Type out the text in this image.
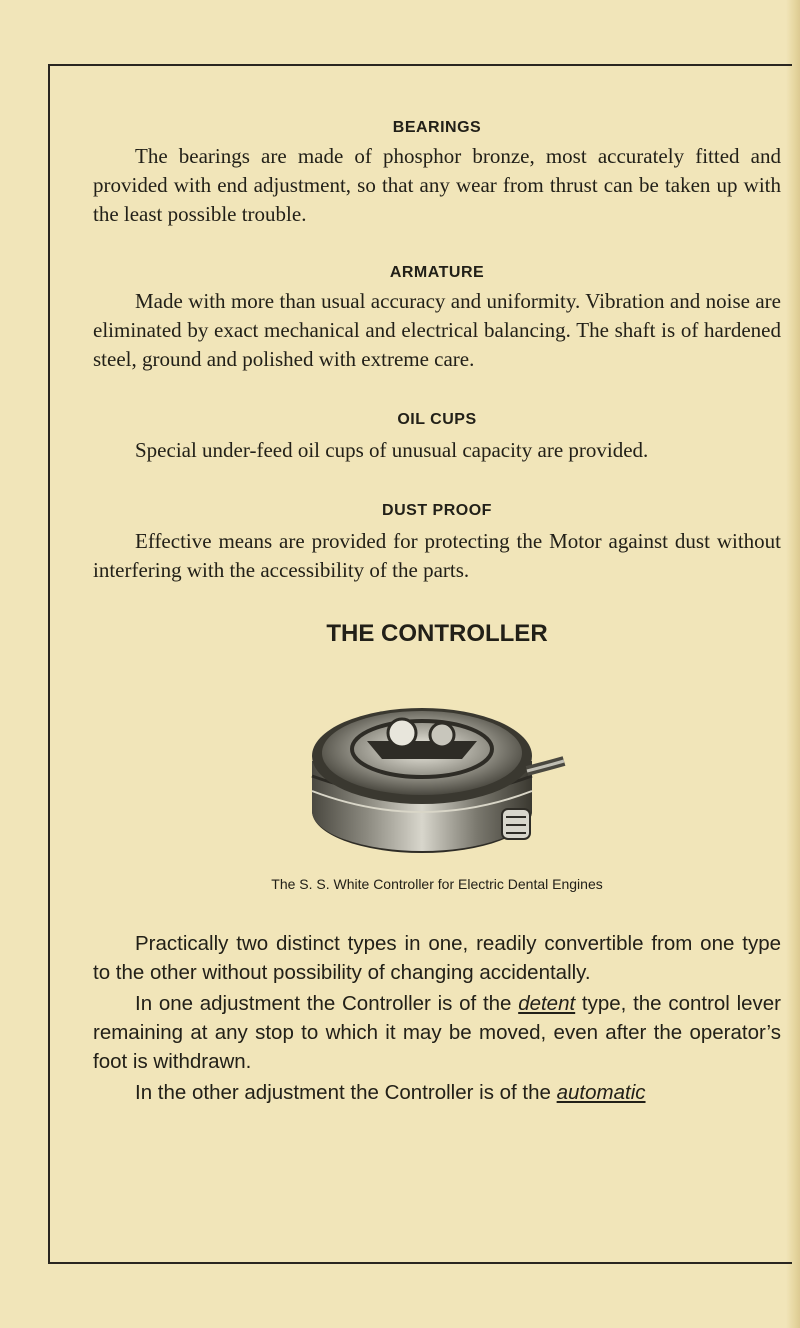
BEARINGS

The bearings are made of phosphor bronze, most accurately fitted and provided with end adjustment, so that any wear from thrust can be taken up with the least possible trouble.

ARMATURE

Made with more than usual accuracy and uniformity. Vibration and noise are eliminated by exact mechanical and electrical balancing. The shaft is of hardened steel, ground and polished with extreme care.

OIL CUPS

Special under-feed oil cups of unusual capacity are provided.

DUST PROOF

Effective means are provided for protecting the Motor against dust without interfering with the accessibility of the parts.

THE CONTROLLER

The S. S. White Controller for Electric Dental Engines

Practically two distinct types in one, readily convertible from one type to the other without possibility of changing accidentally.

In one adjustment the Controller is of the detent type, the control lever remaining at any stop to which it may be moved, even after the operator’s foot is withdrawn.

In the other adjustment the Controller is of the automatic
